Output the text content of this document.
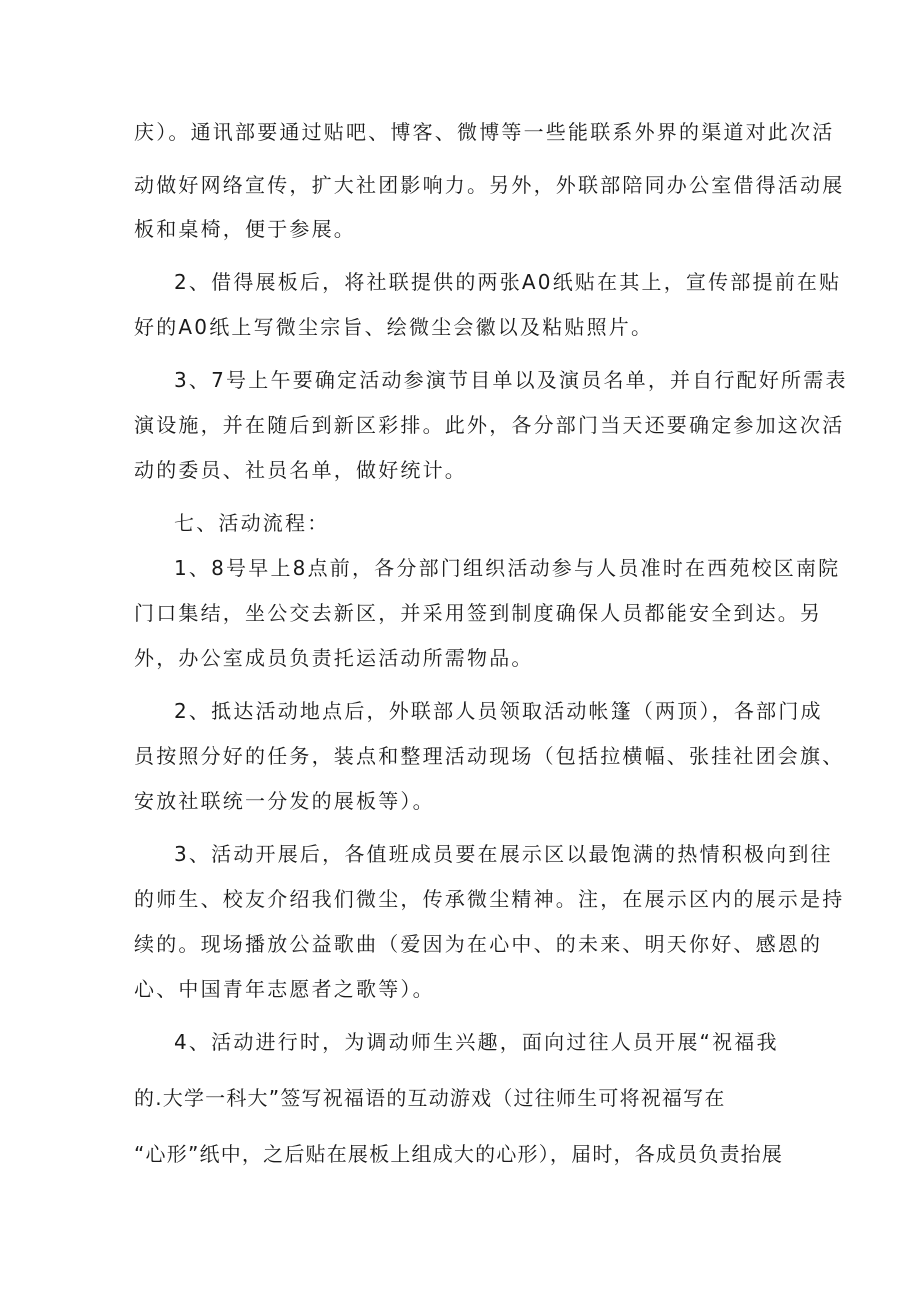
庆）。通讯部要通过贴吧、博客、微博等一些能联系外界的渠道对此次活
动做好网络宣传，扩大社团影响力。另外，外联部陪同办公室借得活动展
板和桌椅，便于参展。
2、借得展板后，将社联提供的两张A0纸贴在其上，宣传部提前在贴
好的A0纸上写微尘宗旨、绘微尘会徽以及粘贴照片。
3、7号上午要确定活动参演节目单以及演员名单，并自行配好所需表
演设施，并在随后到新区彩排。此外，各分部门当天还要确定参加这次活
动的委员、社员名单，做好统计。
七、活动流程：
1、8号早上8点前，各分部门组织活动参与人员准时在西苑校区南院
门口集结，坐公交去新区，并采用签到制度确保人员都能安全到达。另
外，办公室成员负责托运活动所需物品。
2、抵达活动地点后，外联部人员领取活动帐篷（两顶），各部门成
员按照分好的任务，装点和整理活动现场（包括拉横幅、张挂社团会旗、
安放社联统一分发的展板等）。
3、活动开展后，各值班成员要在展示区以最饱满的热情积极向到往
的师生、校友介绍我们微尘，传承微尘精神。注，在展示区内的展示是持
续的。现场播放公益歌曲（爱因为在心中、的未来、明天你好、感恩的
心、中国青年志愿者之歌等）。
4、活动进行时，为调动师生兴趣，面向过往人员开展“祝福我
的.大学一科大”签写祝福语的互动游戏（过往师生可将祝福写在
“心形”纸中，之后贴在展板上组成大的心形），届时，各成员负责抬展
